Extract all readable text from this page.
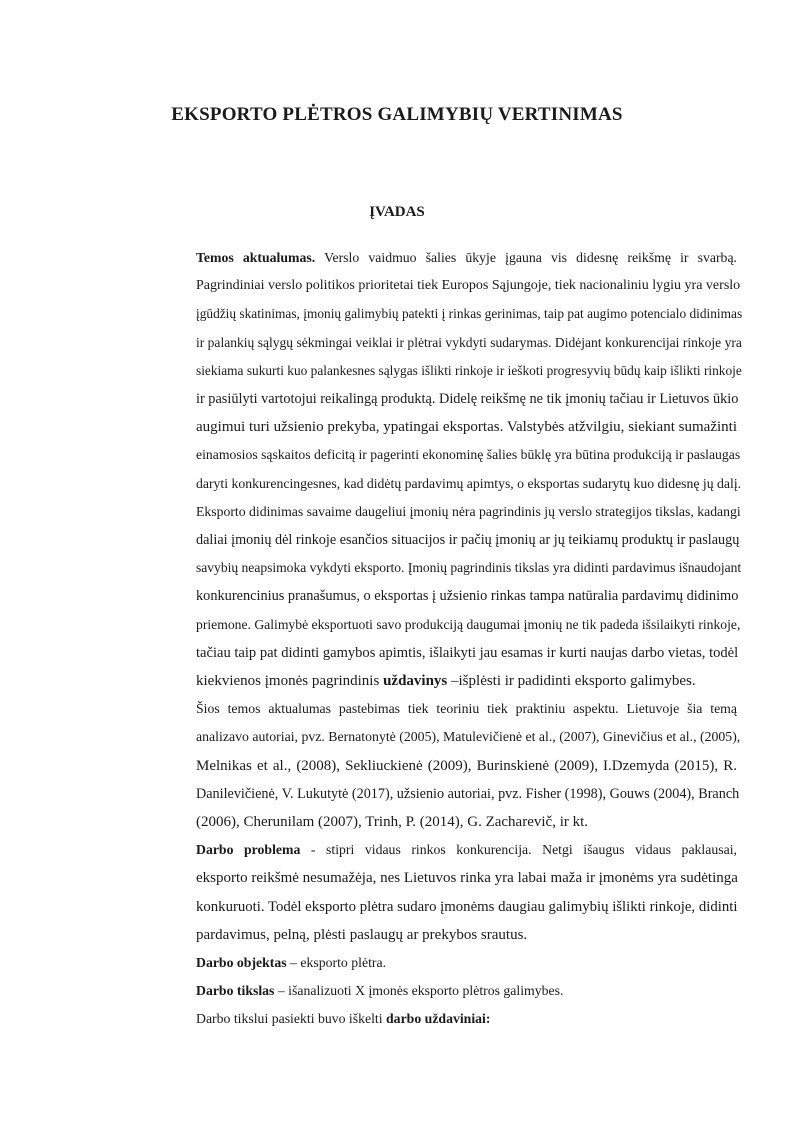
EKSPORTO PLĖTROS GALIMYBIŲ VERTINIMAS
ĮVADAS

Temos aktualumas. Verslo vaidmuo šalies ūkyje įgauna vis didesnę reikšmę ir svarbą.
Pagrindiniai verslo politikos prioritetai tiek Europos Sąjungoje, tiek nacionaliniu lygiu yra verslo
įgūdžių skatinimas, įmonių galimybių patekti į rinkas gerinimas, taip pat augimo potencialo didinimas
ir palankių sąlygų sėkmingai veiklai ir plėtrai vykdyti sudarymas. Didėjant konkurencijai rinkoje yra
siekiama sukurti kuo palankesnes sąlygas išlikti rinkoje ir ieškoti progresyvių būdų kaip išlikti rinkoje
ir pasiūlyti vartotojui reikalingą produktą. Didelę reikšmę ne tik įmonių tačiau ir Lietuvos ūkio
augimui turi užsienio prekyba, ypatingai eksportas. Valstybės atžvilgiu, siekiant sumažinti
einamosios sąskaitos deficitą ir pagerinti ekonominę šalies būklę yra būtina produkciją ir paslaugas
daryti konkurencingesnes, kad didėtų pardavimų apimtys, o eksportas sudarytų kuo didesnę jų dalį.
Eksporto didinimas savaime daugeliui įmonių nėra pagrindinis jų verslo strategijos tikslas, kadangi
daliai įmonių dėl rinkoje esančios situacijos ir pačių įmonių ar jų teikiamų produktų ir paslaugų
savybių neapsimoka vykdyti eksporto. Įmonių pagrindinis tikslas yra didinti pardavimus išnaudojant
konkurencinius pranašumus, o eksportas į užsienio rinkas tampa natūralia pardavimų didinimo
priemone. Galimybė eksportuoti savo produkciją daugumai įmonių ne tik padeda išsilaikyti rinkoje,
tačiau taip pat didinti gamybos apimtis, išlaikyti jau esamas ir kurti naujas darbo vietas, todėl
kiekvienos įmonės pagrindinis uždavinys –išplėsti ir padidinti eksporto galimybes.

Šios temos aktualumas pastebimas tiek teoriniu tiek praktiniu aspektu. Lietuvoje šia temą
analizavo autoriai, pvz. Bernatonytė (2005), Matulevičienė et al., (2007), Ginevičius et al., (2005),
Melnikas et al., (2008), Sekliuckienė (2009), Burinskienė (2009), I.Dzemyda (2015), R.
Danilevičienė, V. Lukutytė (2017), užsienio autoriai, pvz. Fisher (1998), Gouws (2004), Branch
(2006), Cherunilam (2007), Trinh, P. (2014), G. Zacharevič, ir kt.

Darbo problema - stipri vidaus rinkos konkurencija. Netgi išaugus vidaus paklausai,
eksporto reikšmė nesumažėja, nes Lietuvos rinka yra labai maža ir įmonėms yra sudėtinga
konkuruoti. Todėl eksporto plėtra sudaro įmonėms daugiau galimybių išlikti rinkoje, didinti
pardavimus, pelną, plėsti paslaugų ar prekybos srautus.

Darbo objektas – eksporto plėtra.

Darbo tikslas – išanalizuoti X įmonės eksporto plėtros galimybes.

Darbo tikslui pasiekti buvo iškelti darbo uždaviniai:
